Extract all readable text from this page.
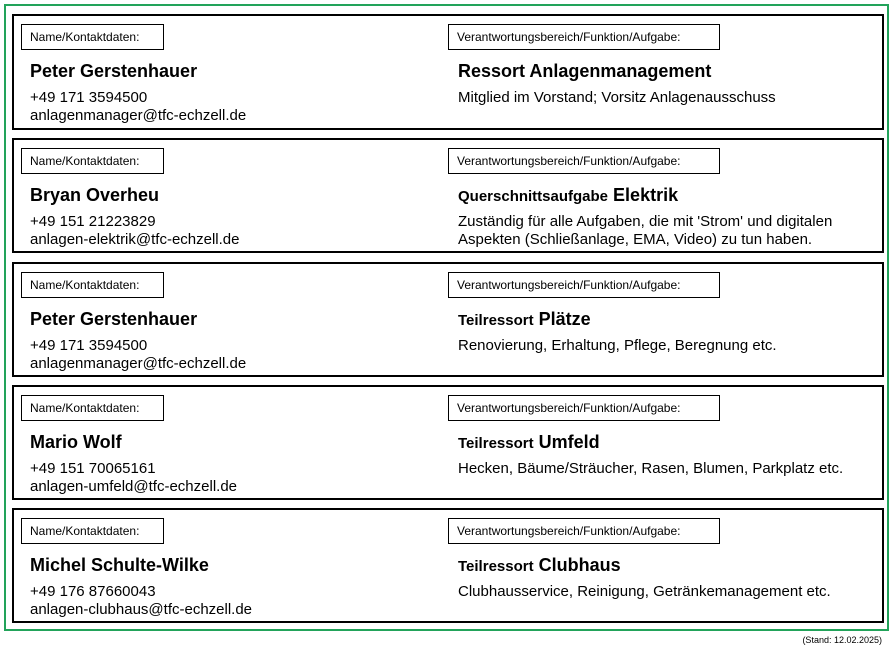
Name/Kontaktdaten:	Verantwortungsbereich/Funktion/Aufgabe:
Peter Gerstenhauer
+49 171 3594500
anlagenmanager@tfc-echzell.de
Ressort Anlagenmanagement
Mitglied im Vorstand; Vorsitz Anlagenausschuss
Name/Kontaktdaten:	Verantwortungsbereich/Funktion/Aufgabe:
Bryan Overheu
+49 151 21223829
anlagen-elektrik@tfc-echzell.de
Querschnittsaufgabe Elektrik
Zuständig für alle Aufgaben, die mit 'Strom' und digitalen Aspekten (Schließanlage, EMA, Video) zu tun haben.
Name/Kontaktdaten:	Verantwortungsbereich/Funktion/Aufgabe:
Peter Gerstenhauer
+49 171 3594500
anlagenmanager@tfc-echzell.de
Teilressort Plätze
Renovierung, Erhaltung, Pflege, Beregnung etc.
Name/Kontaktdaten:	Verantwortungsbereich/Funktion/Aufgabe:
Mario Wolf
+49 151 70065161
anlagen-umfeld@tfc-echzell.de
Teilressort Umfeld
Hecken, Bäume/Sträucher, Rasen, Blumen, Parkplatz etc.
Name/Kontaktdaten:	Verantwortungsbereich/Funktion/Aufgabe:
Michel Schulte-Wilke
+49 176 87660043
anlagen-clubhaus@tfc-echzell.de
Teilressort Clubhaus
Clubhausservice, Reinigung, Getränkemanagement etc.
(Stand: 12.02.2025)
